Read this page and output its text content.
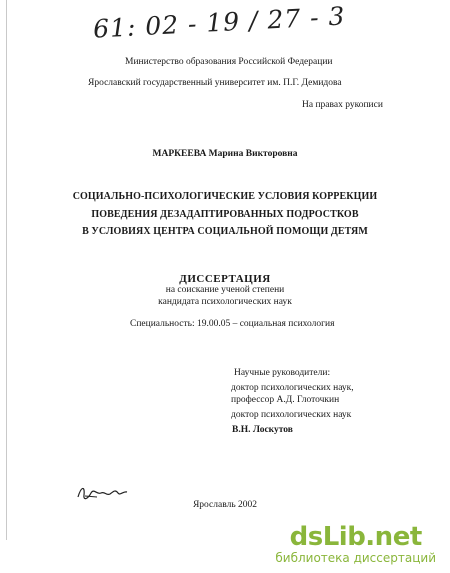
61: 02 - 19 / 27 - 3
Министерство образования Российской Федерации
Ярославский государственный университет им. П.Г. Демидова
На правах рукописи
МАРКЕЕВА Марина Викторовна
СОЦИАЛЬНО-ПСИХОЛОГИЧЕСКИЕ УСЛОВИЯ КОРРЕКЦИИ
ПОВЕДЕНИЯ ДЕЗАДАПТИРОВАННЫХ ПОДРОСТКОВ
В УСЛОВИЯХ ЦЕНТРА СОЦИАЛЬНОЙ ПОМОЩИ ДЕТЯМ
ДИССЕРТАЦИЯ
на соискание ученой степени
кандидата психологических наук
Специальность: 19.00.05 – социальная психология
Научные руководители:
доктор психологических наук,
профессор А.Д. Глоточкин
доктор психологических наук
В.Н. Лоскутов
Ярославль 2002
dsLib.net
библиотека диссертаций
